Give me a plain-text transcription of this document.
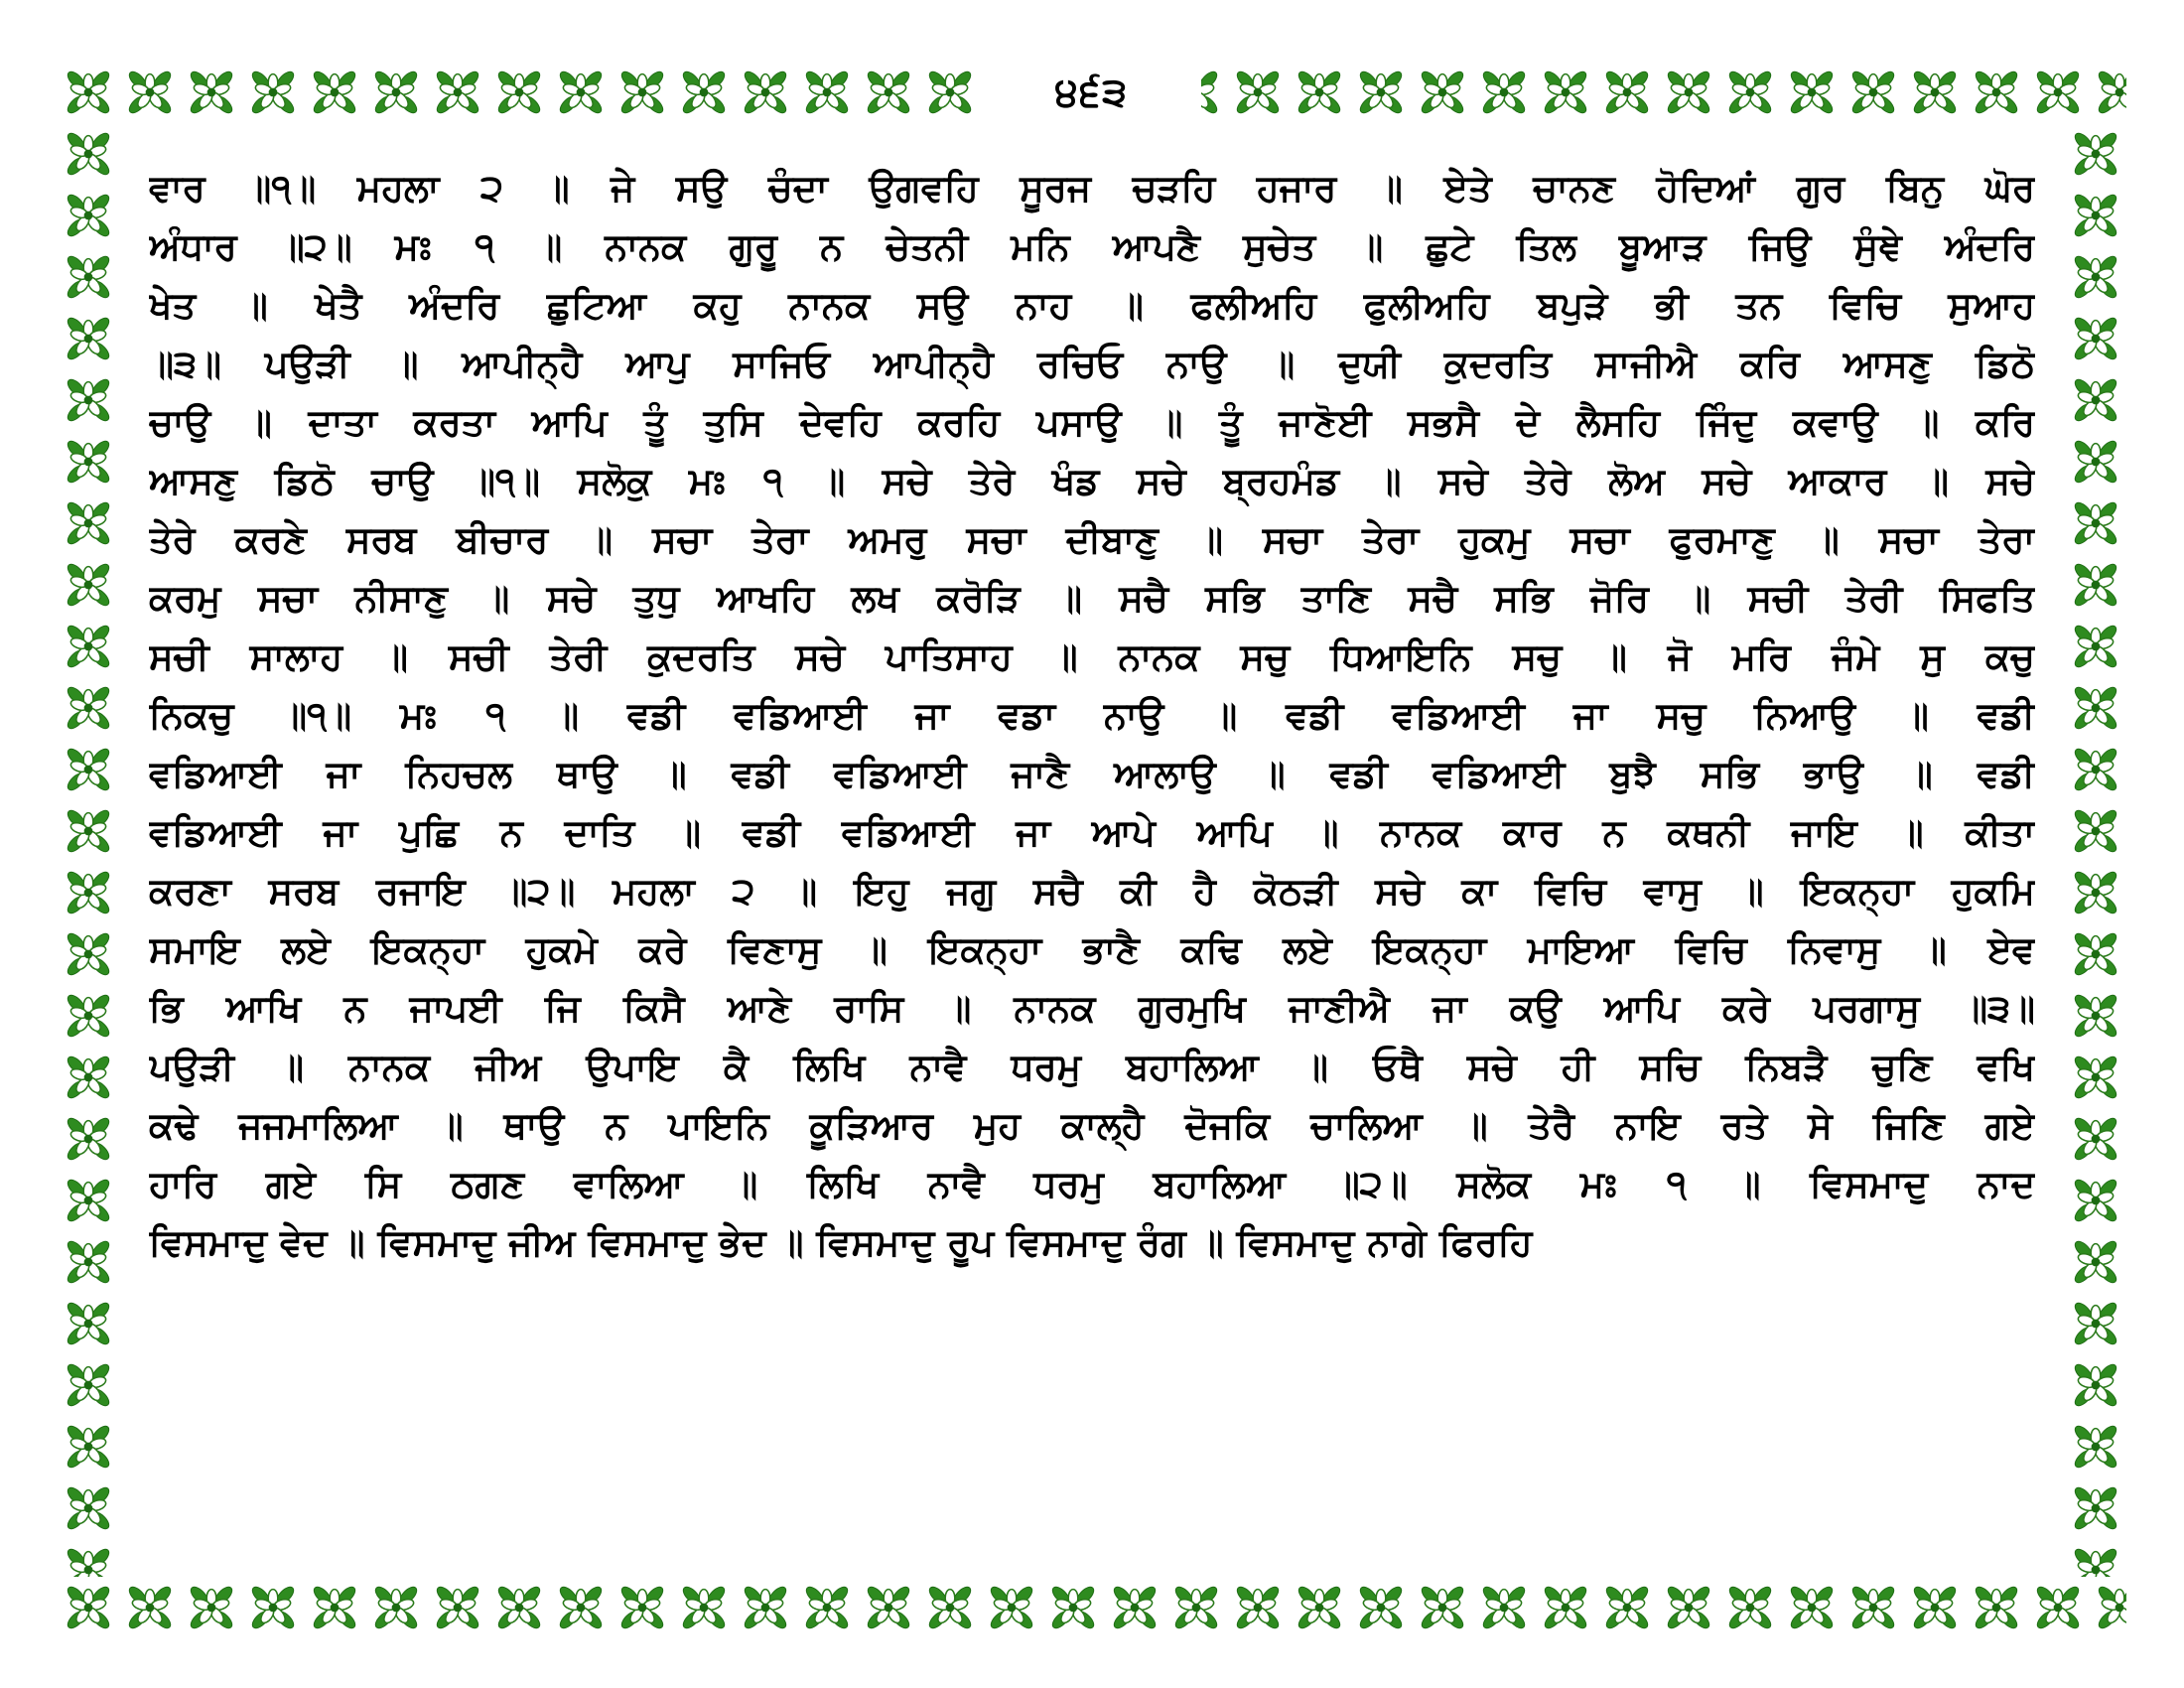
੪੬੩
ਵਾਰ ॥੧॥ ਮਹਲਾ ੨ ॥ ਜੇ ਸਉ ਚੰਦਾ ਉਗਵਹਿ ਸੂਰਜ ਚੜਹਿ ਹਜਾਰ ॥ ਏਤੇ ਚਾਨਣ ਹੋਦਿਆਂ ਗੁਰ ਬਿਨੁ ਘੋਰ
ਅੰਧਾਰ ॥੨॥ ਮਃ ੧ ॥ ਨਾਨਕ ਗੁਰੂ ਨ ਚੇਤਨੀ ਮਨਿ ਆਪਣੈ ਸੁਚੇਤ ॥ ਛੁਟੇ ਤਿਲ ਬੂਆੜ ਜਿਉ ਸੁੰਞੇ ਅੰਦਰਿ
ਖੇਤ ॥ ਖੇਤੈ ਅੰਦਰਿ ਛੁਟਿਆ ਕਹੁ ਨਾਨਕ ਸਉ ਨਾਹ ॥ ਫਲੀਅਹਿ ਫੁਲੀਅਹਿ ਬਪੁੜੇ ਭੀ ਤਨ ਵਿਚਿ ਸੁਆਹ
॥੩॥ ਪਉੜੀ ॥ ਆਪੀਨ੍ਹੈ ਆਪੁ ਸਾਜਿਓ ਆਪੀਨ੍ਹੈ ਰਚਿਓ ਨਾਉ ॥ ਦੁਯੀ ਕੁਦਰਤਿ ਸਾਜੀਐ ਕਰਿ ਆਸਣੁ ਡਿਠੋ
ਚਾਉ ॥ ਦਾਤਾ ਕਰਤਾ ਆਪਿ ਤੂੰ ਤੁਸਿ ਦੇਵਹਿ ਕਰਹਿ ਪਸਾਉ ॥ ਤੂੰ ਜਾਣੋਈ ਸਭਸੈ ਦੇ ਲੈਸਹਿ ਜਿੰਦੁ ਕਵਾਉ ॥ ਕਰਿ
ਆਸਣੁ ਡਿਠੋ ਚਾਉ ॥੧॥ ਸਲੋਕੁ ਮਃ ੧ ॥ ਸਚੇ ਤੇਰੇ ਖੰਡ ਸਚੇ ਬ੍ਰਹਮੰਡ ॥ ਸਚੇ ਤੇਰੇ ਲੋਅ ਸਚੇ ਆਕਾਰ ॥ ਸਚੇ
ਤੇਰੇ ਕਰਣੇ ਸਰਬ ਬੀਚਾਰ ॥ ਸਚਾ ਤੇਰਾ ਅਮਰੁ ਸਚਾ ਦੀਬਾਣੁ ॥ ਸਚਾ ਤੇਰਾ ਹੁਕਮੁ ਸਚਾ ਫੁਰਮਾਣੁ ॥ ਸਚਾ ਤੇਰਾ
ਕਰਮੁ ਸਚਾ ਨੀਸਾਣੁ ॥ ਸਚੇ ਤੁਧੁ ਆਖਹਿ ਲਖ ਕਰੋੜਿ ॥ ਸਚੈ ਸਭਿ ਤਾਣਿ ਸਚੈ ਸਭਿ ਜੋਰਿ ॥ ਸਚੀ ਤੇਰੀ ਸਿਫਤਿ
ਸਚੀ ਸਾਲਾਹ ॥ ਸਚੀ ਤੇਰੀ ਕੁਦਰਤਿ ਸਚੇ ਪਾਤਿਸਾਹ ॥ ਨਾਨਕ ਸਚੁ ਧਿਆਇਨਿ ਸਚੁ ॥ ਜੋ ਮਰਿ ਜੰਮੇ ਸੁ ਕਚੁ
ਨਿਕਚੁ ॥੧॥ ਮਃ ੧ ॥ ਵਡੀ ਵਡਿਆਈ ਜਾ ਵਡਾ ਨਾਉ ॥ ਵਡੀ ਵਡਿਆਈ ਜਾ ਸਚੁ ਨਿਆਉ ॥ ਵਡੀ
ਵਡਿਆਈ ਜਾ ਨਿਹਚਲ ਥਾਉ ॥ ਵਡੀ ਵਡਿਆਈ ਜਾਣੈ ਆਲਾਉ ॥ ਵਡੀ ਵਡਿਆਈ ਬੁਝੈ ਸਭਿ ਭਾਉ ॥ ਵਡੀ
ਵਡਿਆਈ ਜਾ ਪੁਛਿ ਨ ਦਾਤਿ ॥ ਵਡੀ ਵਡਿਆਈ ਜਾ ਆਪੇ ਆਪਿ ॥ ਨਾਨਕ ਕਾਰ ਨ ਕਥਨੀ ਜਾਇ ॥ ਕੀਤਾ
ਕਰਣਾ ਸਰਬ ਰਜਾਇ ॥੨॥ ਮਹਲਾ ੨ ॥ ਇਹੁ ਜਗੁ ਸਚੈ ਕੀ ਹੈ ਕੋਠੜੀ ਸਚੇ ਕਾ ਵਿਚਿ ਵਾਸੁ ॥ ਇਕਨ੍ਹਾ ਹੁਕਮਿ
ਸਮਾਇ ਲਏ ਇਕਨ੍ਹਾ ਹੁਕਮੇ ਕਰੇ ਵਿਣਾਸੁ ॥ ਇਕਨ੍ਹਾ ਭਾਣੈ ਕਢਿ ਲਏ ਇਕਨ੍ਹਾ ਮਾਇਆ ਵਿਚਿ ਨਿਵਾਸੁ ॥ ਏਵ
ਭਿ ਆਖਿ ਨ ਜਾਪਈ ਜਿ ਕਿਸੈ ਆਣੇ ਰਾਸਿ ॥ ਨਾਨਕ ਗੁਰਮੁਖਿ ਜਾਣੀਐ ਜਾ ਕਉ ਆਪਿ ਕਰੇ ਪਰਗਾਸੁ ॥੩॥
ਪਉੜੀ ॥ ਨਾਨਕ ਜੀਅ ਉਪਾਇ ਕੈ ਲਿਖਿ ਨਾਵੈ ਧਰਮੁ ਬਹਾਲਿਆ ॥ ਓਥੈ ਸਚੇ ਹੀ ਸਚਿ ਨਿਬੜੈ ਚੁਣਿ ਵਖਿ
ਕਢੇ ਜਜਮਾਲਿਆ ॥ ਥਾਉ ਨ ਪਾਇਨਿ ਕੂੜਿਆਰ ਮੁਹ ਕਾਲ੍ਹੈ ਦੋਜਕਿ ਚਾਲਿਆ ॥ ਤੇਰੈ ਨਾਇ ਰਤੇ ਸੇ ਜਿਣਿ ਗਏ
ਹਾਰਿ ਗਏ ਸਿ ਠਗਣ ਵਾਲਿਆ ॥ ਲਿਖਿ ਨਾਵੈ ਧਰਮੁ ਬਹਾਲਿਆ ॥੨॥ ਸਲੋਕ ਮਃ ੧ ॥ ਵਿਸਮਾਦੁ ਨਾਦ
ਵਿਸਮਾਦੁ ਵੇਦ ॥ ਵਿਸਮਾਦੁ ਜੀਅ ਵਿਸਮਾਦੁ ਭੇਦ ॥ ਵਿਸਮਾਦੁ ਰੂਪ ਵਿਸਮਾਦੁ ਰੰਗ ॥ ਵਿਸਮਾਦੁ ਨਾਗੇ ਫਿਰਹਿ
